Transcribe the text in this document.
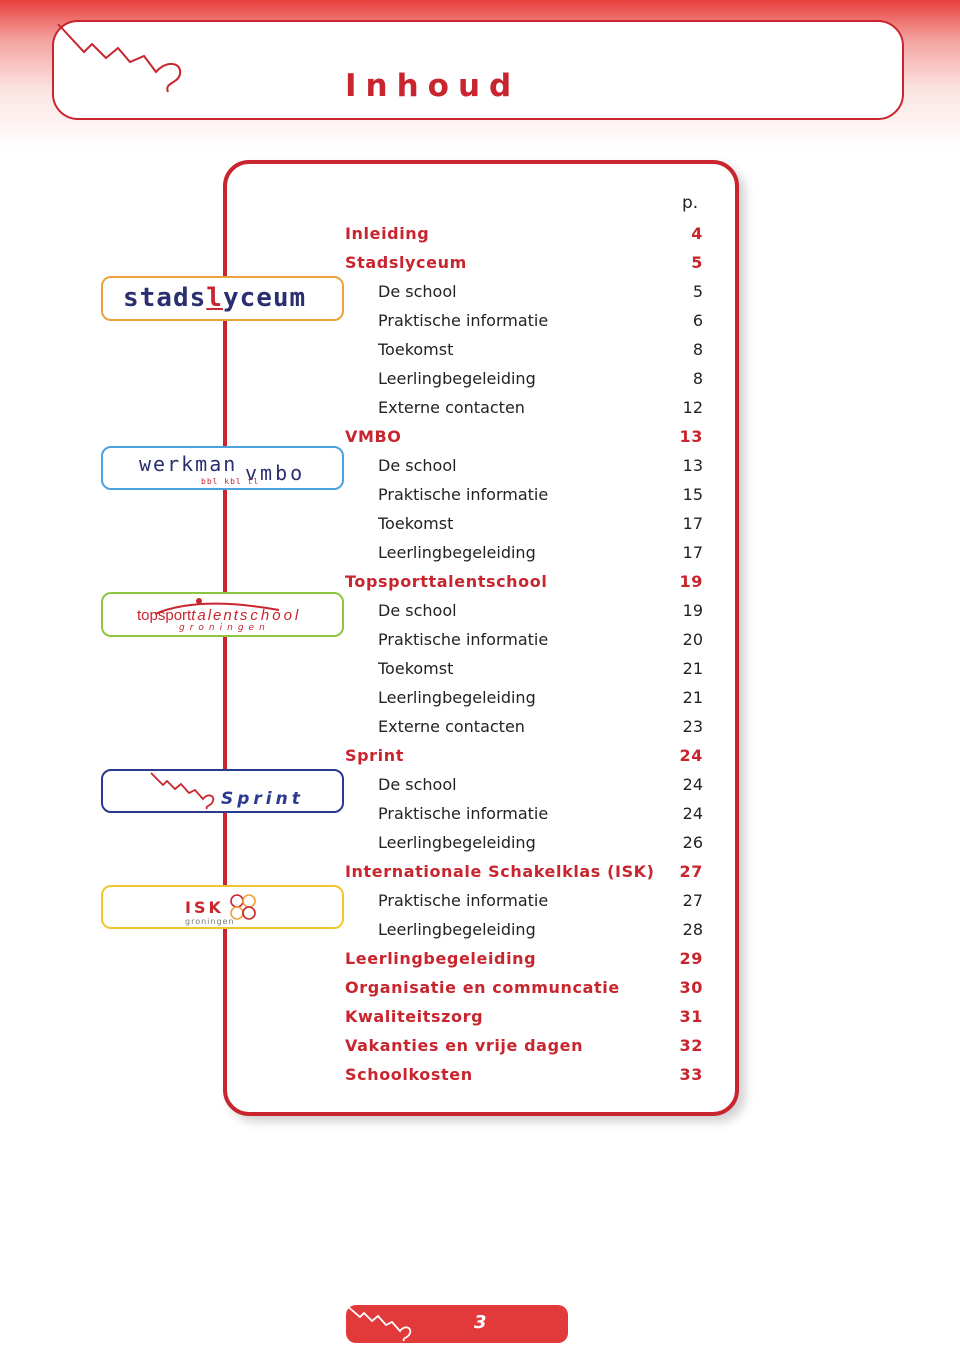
Inhoud
p.
Inleiding	4
Stadslyceum	5
De school	5
Praktische informatie	6
Toekomst	8
Leerlingbegeleiding	8
Externe contacten	12
VMBO	13
De school	13
Praktische informatie	15
Toekomst	17
Leerlingbegeleiding	17
Topsporttalentschool	19
De school	19
Praktische informatie	20
Toekomst	21
Leerlingbegeleiding	21
Externe contacten	23
Sprint	24
De school	24
Praktische informatie	24
Leerlingbegeleiding	26
Internationale Schakelklas (ISK)	27
Praktische informatie	27
Leerlingbegeleiding	28
Leerlingbegeleiding	29
Organisatie en communcatie	30
Kwaliteitszorg	31
Vakanties en vrije dagen	32
Schoolkosten	33
stadslyceum
werkman vmbo
bbl kbl tl
topsporttalentschool
groningen
Sprint
ISK
groningen
3
